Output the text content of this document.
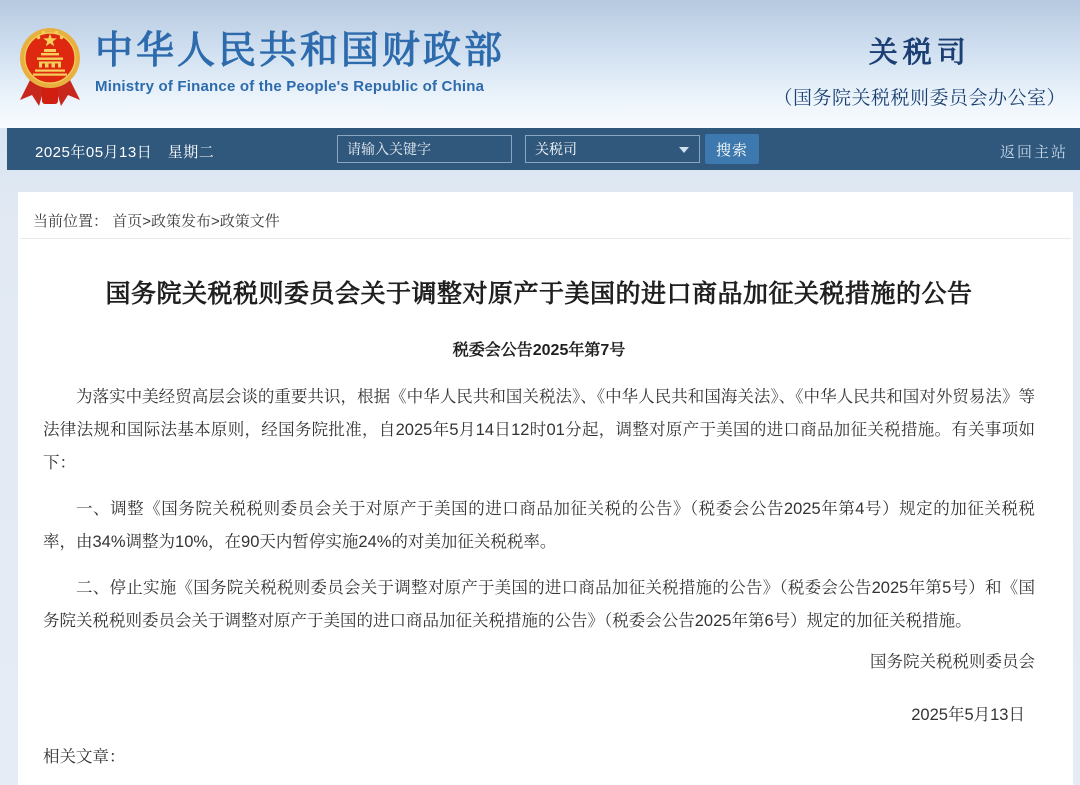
中华人民共和国财政部
Ministry of Finance of the People's Republic of China
关税司
（国务院关税税则委员会办公室）
2025年05月13日　星期二
请输入关键字	关税司	搜索	返回主站
当前位置： 首页>政策发布>政策文件
国务院关税税则委员会关于调整对原产于美国的进口商品加征关税措施的公告
税委会公告2025年第7号

为落实中美经贸高层会谈的重要共识，根据《中华人民共和国关税法》、《中华人民共和国海关法》、《中华人民共和国对外贸易法》等法律法规和国际法基本原则，经国务院批准，自2025年5月14日12时01分起，调整对原产于美国的进口商品加征关税措施。有关事项如下：

一、调整《国务院关税税则委员会关于对原产于美国的进口商品加征关税的公告》（税委会公告2025年第4号）规定的加征关税税率，由34%调整为10%，在90天内暂停实施24%的对美加征关税税率。

二、停止实施《国务院关税税则委员会关于调整对原产于美国的进口商品加征关税措施的公告》（税委会公告2025年第5号）和《国务院关税税则委员会关于调整对原产于美国的进口商品加征关税措施的公告》（税委会公告2025年第6号）规定的加征关税措施。

国务院关税税则委员会
2025年5月13日
相关文章：
